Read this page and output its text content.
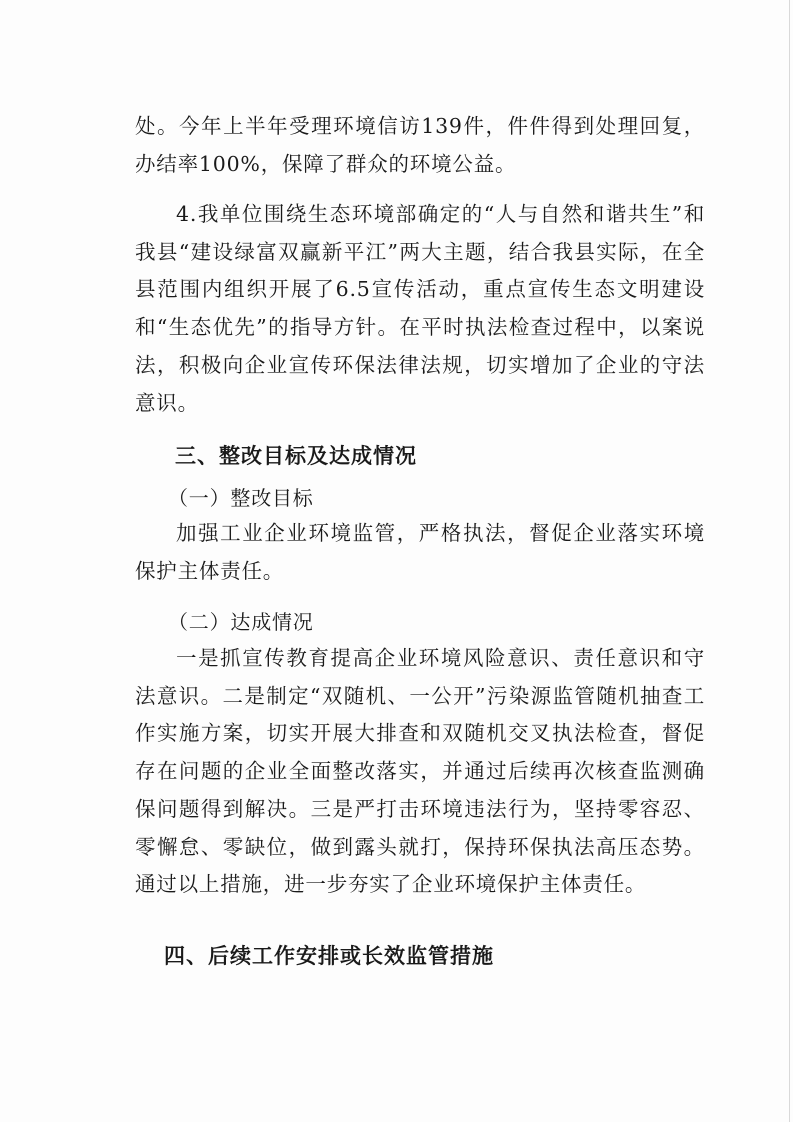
处。今年上半年受理环境信访139件，件件得到处理回复，办结率100%，保障了群众的环境公益。

4.我单位围绕生态环境部确定的“人与自然和谐共生”和我县“建设绿富双赢新平江”两大主题，结合我县实际，在全县范围内组织开展了6.5宣传活动，重点宣传生态文明建设和“生态优先”的指导方针。在平时执法检查过程中，以案说法，积极向企业宣传环保法律法规，切实增加了企业的守法意识。

三、整改目标及达成情况

（一）整改目标

加强工业企业环境监管，严格执法，督促企业落实环境保护主体责任。

（二）达成情况

一是抓宣传教育提高企业环境风险意识、责任意识和守法意识。二是制定“双随机、一公开”污染源监管随机抽查工作实施方案，切实开展大排查和双随机交叉执法检查，督促存在问题的企业全面整改落实，并通过后续再次核查监测确保问题得到解决。三是严打击环境违法行为，坚持零容忍、零懈怠、零缺位，做到露头就打，保持环保执法高压态势。通过以上措施，进一步夯实了企业环境保护主体责任。

四、后续工作安排或长效监管措施
